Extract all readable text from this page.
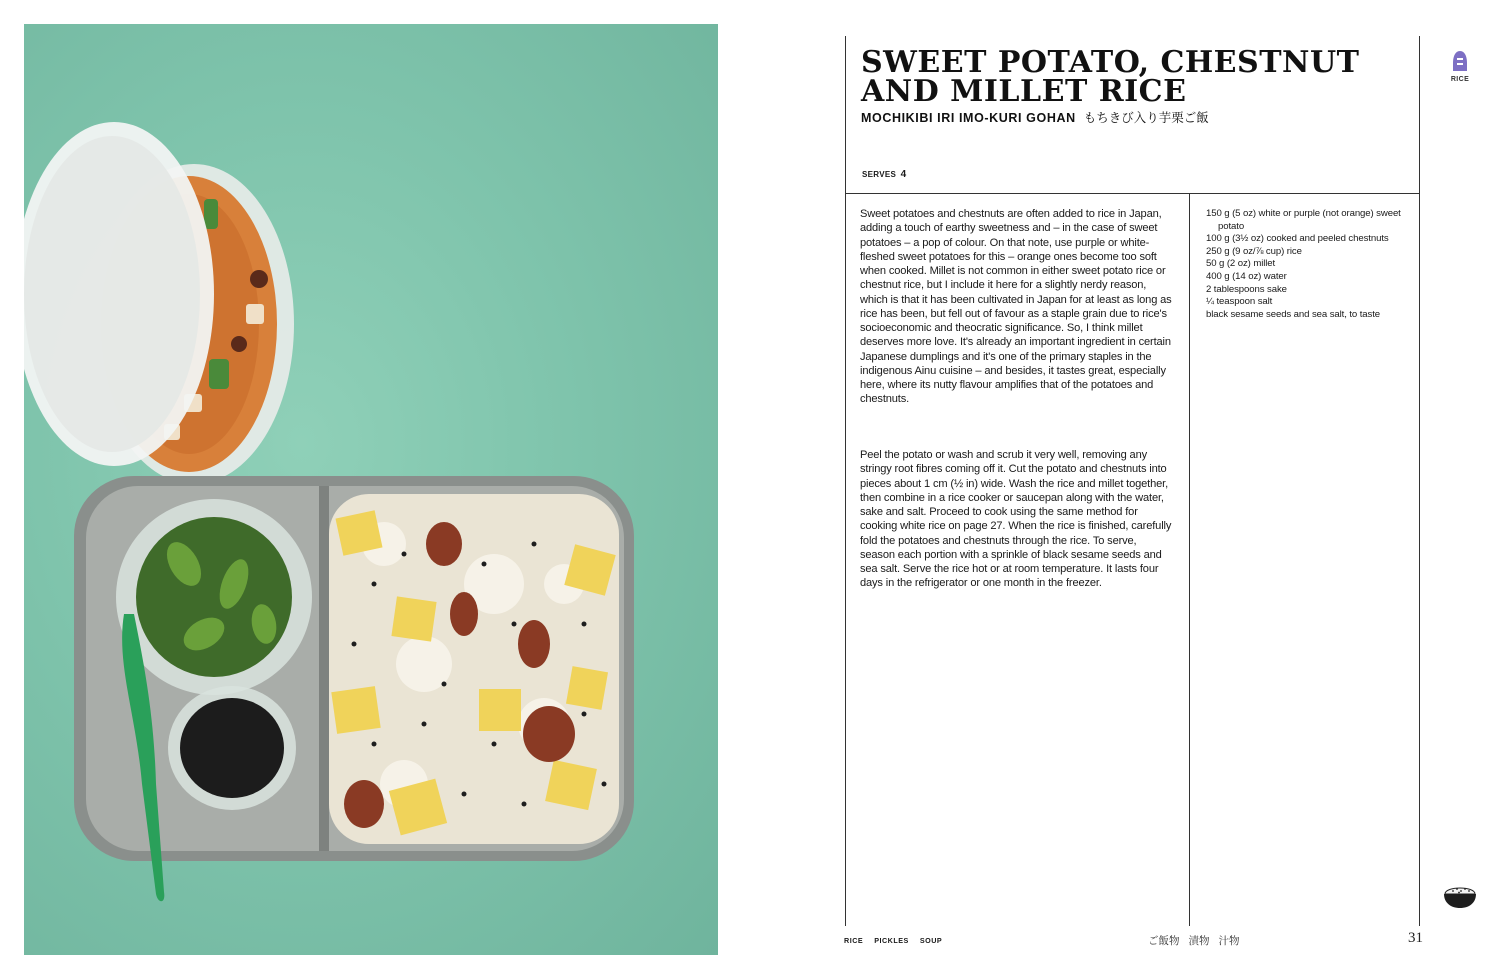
SWEET POTATO, CHESTNUT AND MILLET RICE
MOCHIKIBI IRI IMO-KURI GOHAN もちきび入り芋栗ご飯
SERVES 4

Sweet potatoes and chestnuts are often added to rice in Japan, adding a touch of earthy sweetness and – in the case of sweet potatoes – a pop of colour. On that note, use purple or white-fleshed sweet potatoes for this – orange ones become too soft when cooked. Millet is not common in either sweet potato rice or chestnut rice, but I include it here for a slightly nerdy reason, which is that it has been cultivated in Japan for at least as long as rice has been, but fell out of favour as a staple grain due to rice's socioeconomic and theocratic significance. So, I think millet deserves more love. It's already an important ingredient in certain Japanese dumplings and it's one of the primary staples in the indigenous Ainu cuisine – and besides, it tastes great, especially here, where its nutty flavour amplifies that of the potatoes and chestnuts.

Peel the potato or wash and scrub it very well, removing any stringy root fibres coming off it. Cut the potato and chestnuts into pieces about 1 cm (½ in) wide. Wash the rice and millet together, then combine in a rice cooker or saucepan along with the water, sake and salt. Proceed to cook using the same method for cooking white rice on page 27. When the rice is finished, carefully fold the potatoes and chestnuts through the rice. To serve, season each portion with a sprinkle of black sesame seeds and sea salt. Serve the rice hot or at room temperature. It lasts four days in the refrigerator or one month in the freezer.

150 g (5 oz) white or purple (not orange) sweet potato
100 g (3½ oz) cooked and peeled chestnuts
250 g (9 oz/⅞ cup) rice
50 g (2 oz) millet
400 g (14 oz) water
2 tablespoons sake
¼ teaspoon salt
black sesame seeds and sea salt, to taste
RICE
RICE PICKLES SOUP	ご飯物 漬物 汁物	31
